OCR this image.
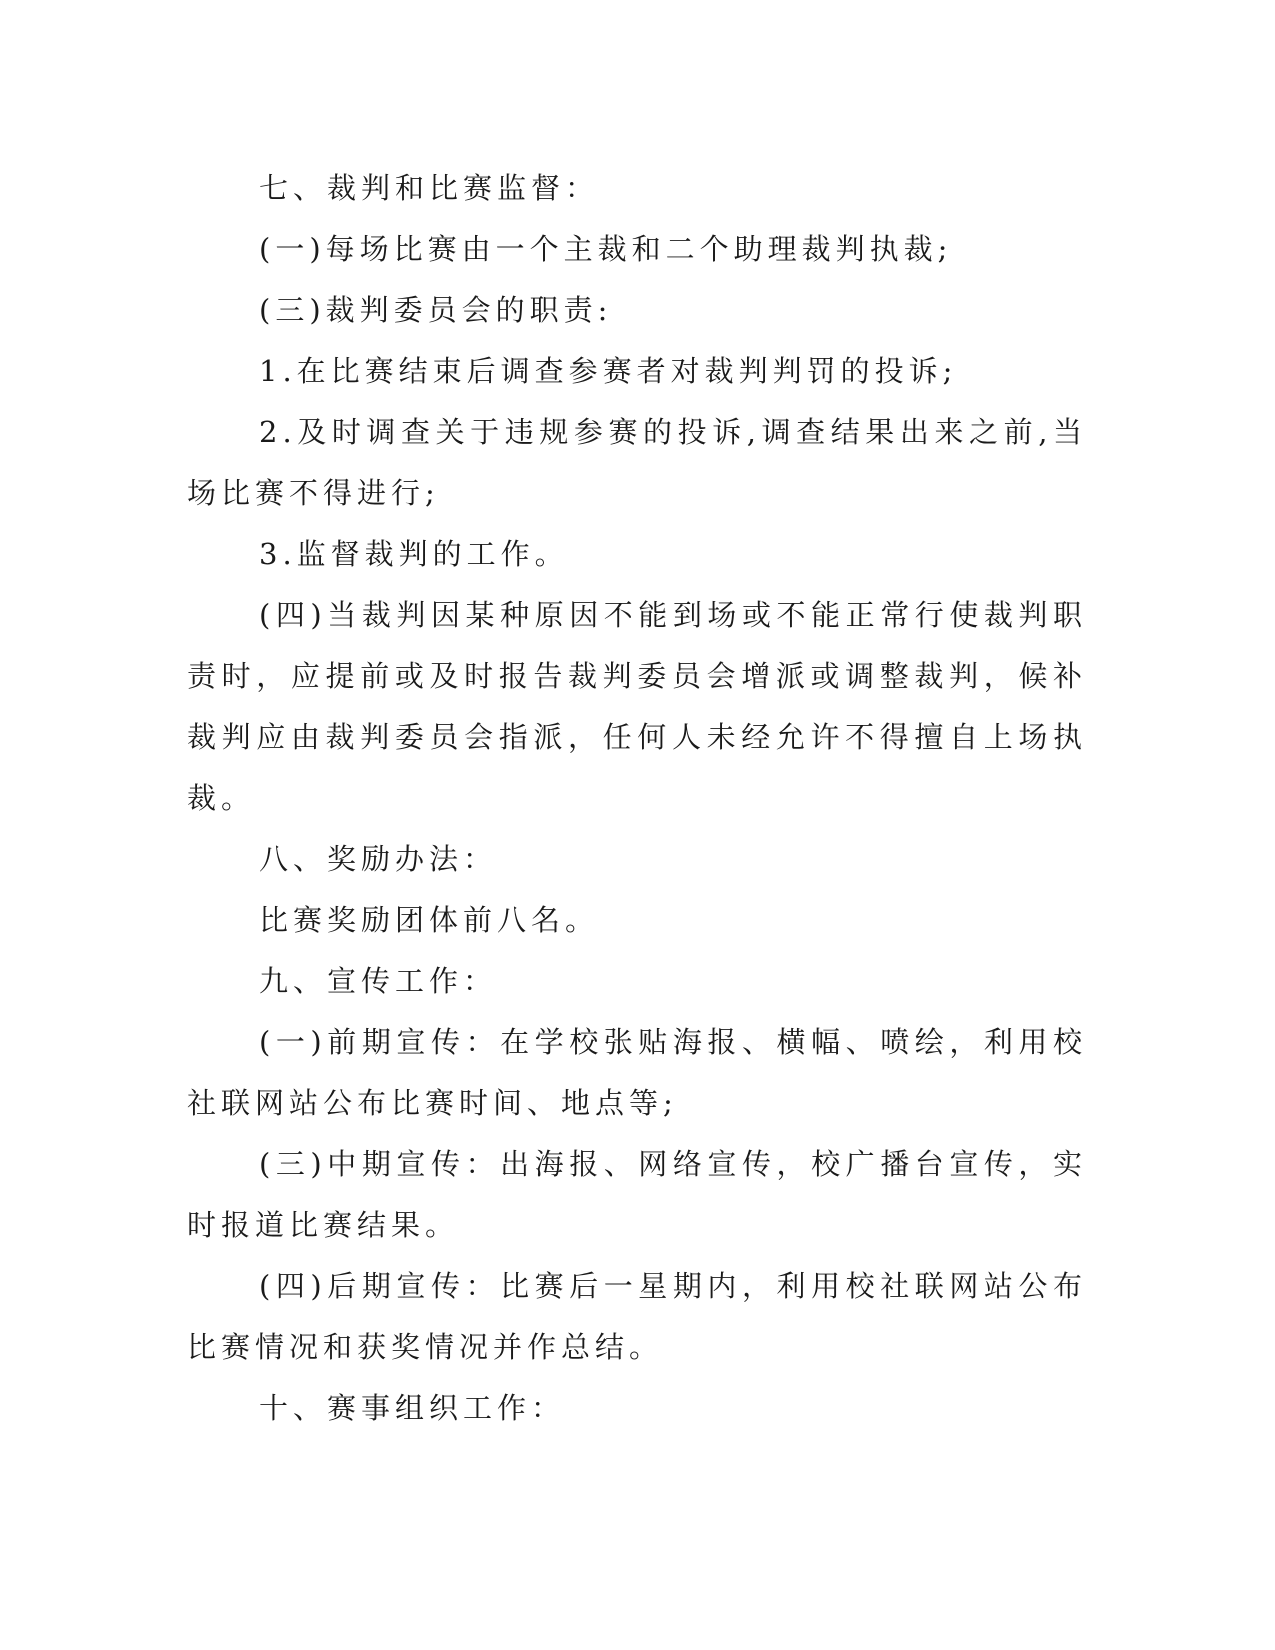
七、裁判和比赛监督：

(一)每场比赛由一个主裁和二个助理裁判执裁;

(三)裁判委员会的职责:

1.在比赛结束后调查参赛者对裁判判罚的投诉;

2.及时调查关于违规参赛的投诉,调查结果出来之前,当场比赛不得进行;

3.监督裁判的工作。

(四)当裁判因某种原因不能到场或不能正常行使裁判职责时，应提前或及时报告裁判委员会增派或调整裁判，候补裁判应由裁判委员会指派，任何人未经允许不得擅自上场执裁。

八、奖励办法：

比赛奖励团体前八名。

九、宣传工作：

(一)前期宣传：在学校张贴海报、横幅、喷绘，利用校社联网站公布比赛时间、地点等;

(三)中期宣传：出海报、网络宣传，校广播台宣传，实时报道比赛结果。

(四)后期宣传：比赛后一星期内，利用校社联网站公布比赛情况和获奖情况并作总结。

十、赛事组织工作：
